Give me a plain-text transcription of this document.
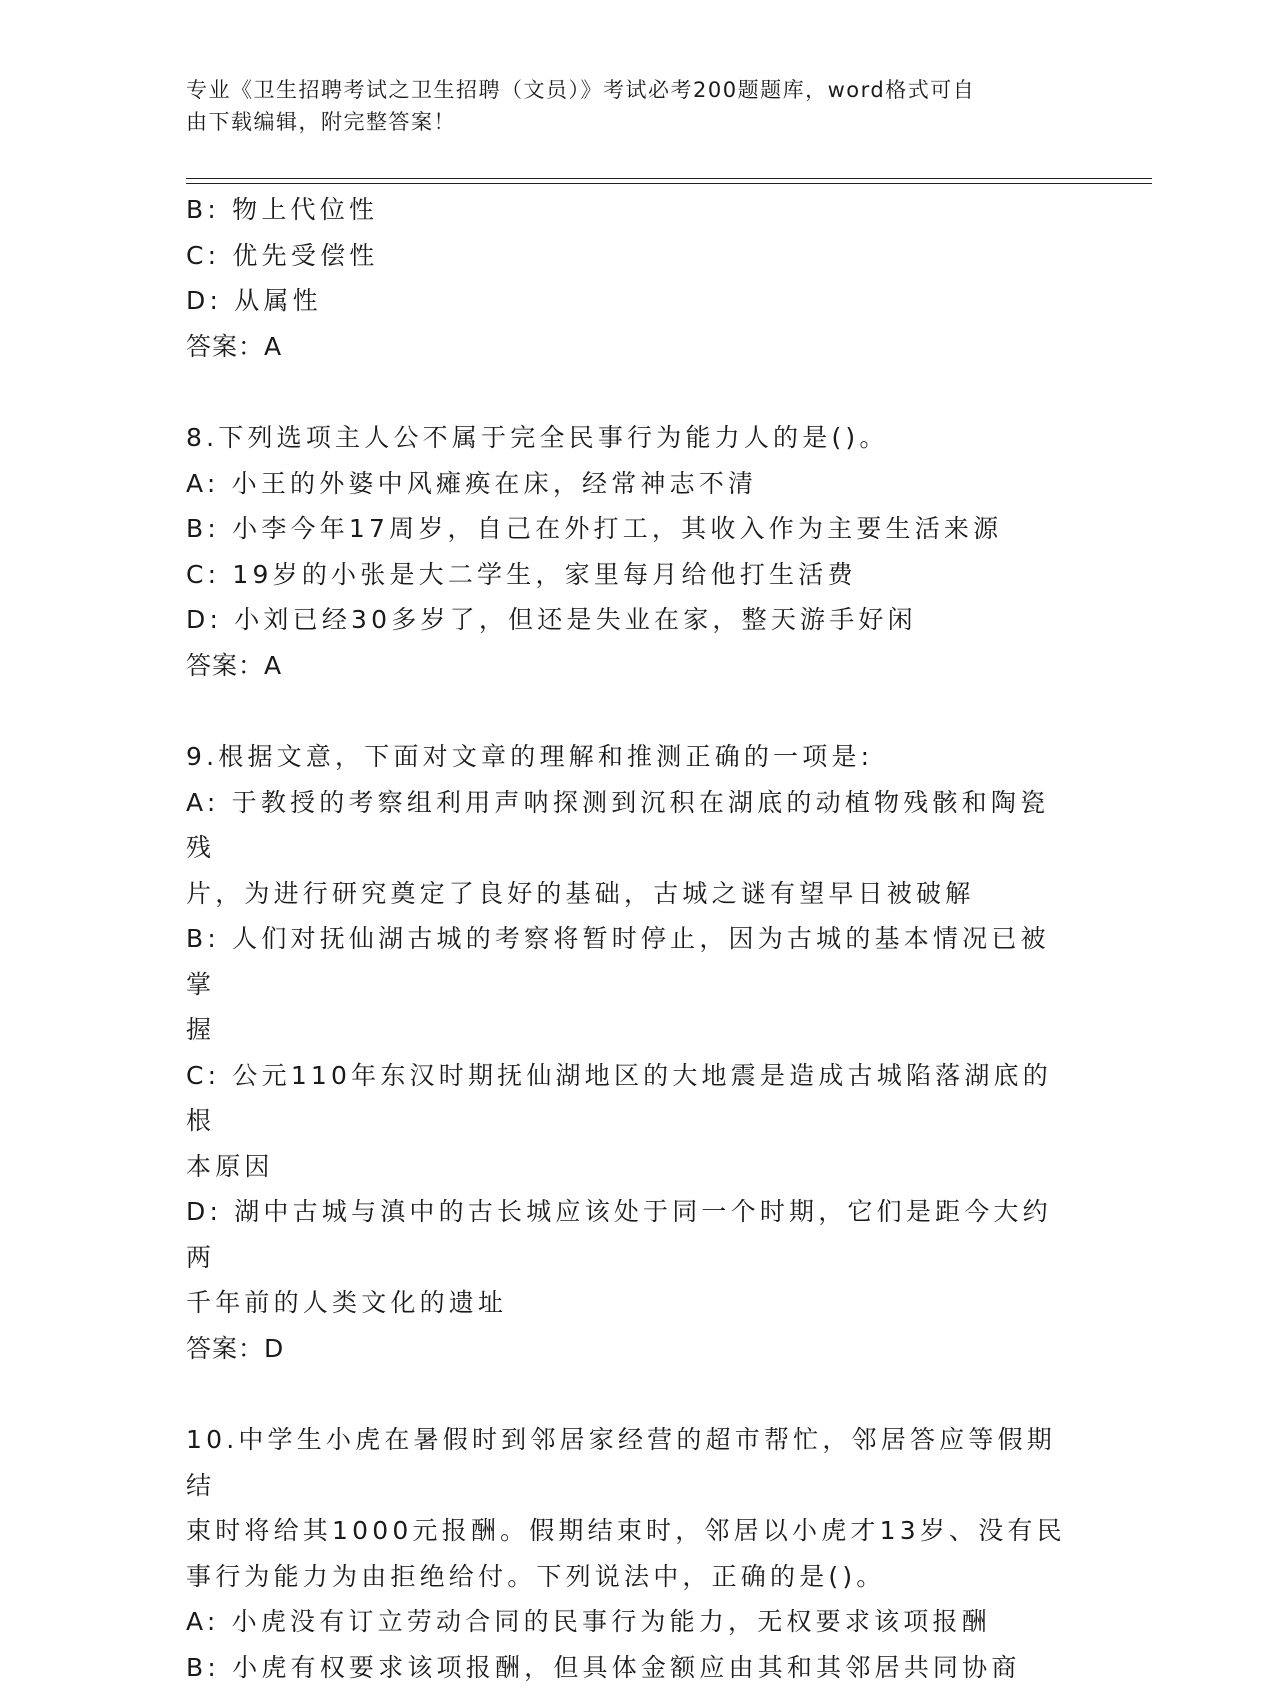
专业《卫生招聘考试之卫生招聘（文员）》考试必考200题题库，word格式可自
由下载编辑，附完整答案！

B: 物上代位性

C: 优先受偿性

D: 从属性

答案：A

8.下列选项主人公不属于完全民事行为能力人的是()。

A: 小王的外婆中风瘫痪在床，经常神志不清

B: 小李今年17周岁，自己在外打工，其收入作为主要生活来源

C: 19岁的小张是大二学生，家里每月给他打生活费

D: 小刘已经30多岁了，但还是失业在家，整天游手好闲

答案：A

9.根据文意，下面对文章的理解和推测正确的一项是:

A: 于教授的考察组利用声呐探测到沉积在湖底的动植物残骸和陶瓷残

片，为进行研究奠定了良好的基础，古城之谜有望早日被破解

B: 人们对抚仙湖古城的考察将暂时停止，因为古城的基本情况已被掌

握

C: 公元110年东汉时期抚仙湖地区的大地震是造成古城陷落湖底的根

本原因

D: 湖中古城与滇中的古长城应该处于同一个时期，它们是距今大约两

千年前的人类文化的遗址

答案：D

10.中学生小虎在暑假时到邻居家经营的超市帮忙，邻居答应等假期结

束时将给其1000元报酬。假期结束时，邻居以小虎才13岁、没有民

事行为能力为由拒绝给付。下列说法中，正确的是()。

A: 小虎没有订立劳动合同的民事行为能力，无权要求该项报酬

B: 小虎有权要求该项报酬，但具体金额应由其和其邻居共同协商
